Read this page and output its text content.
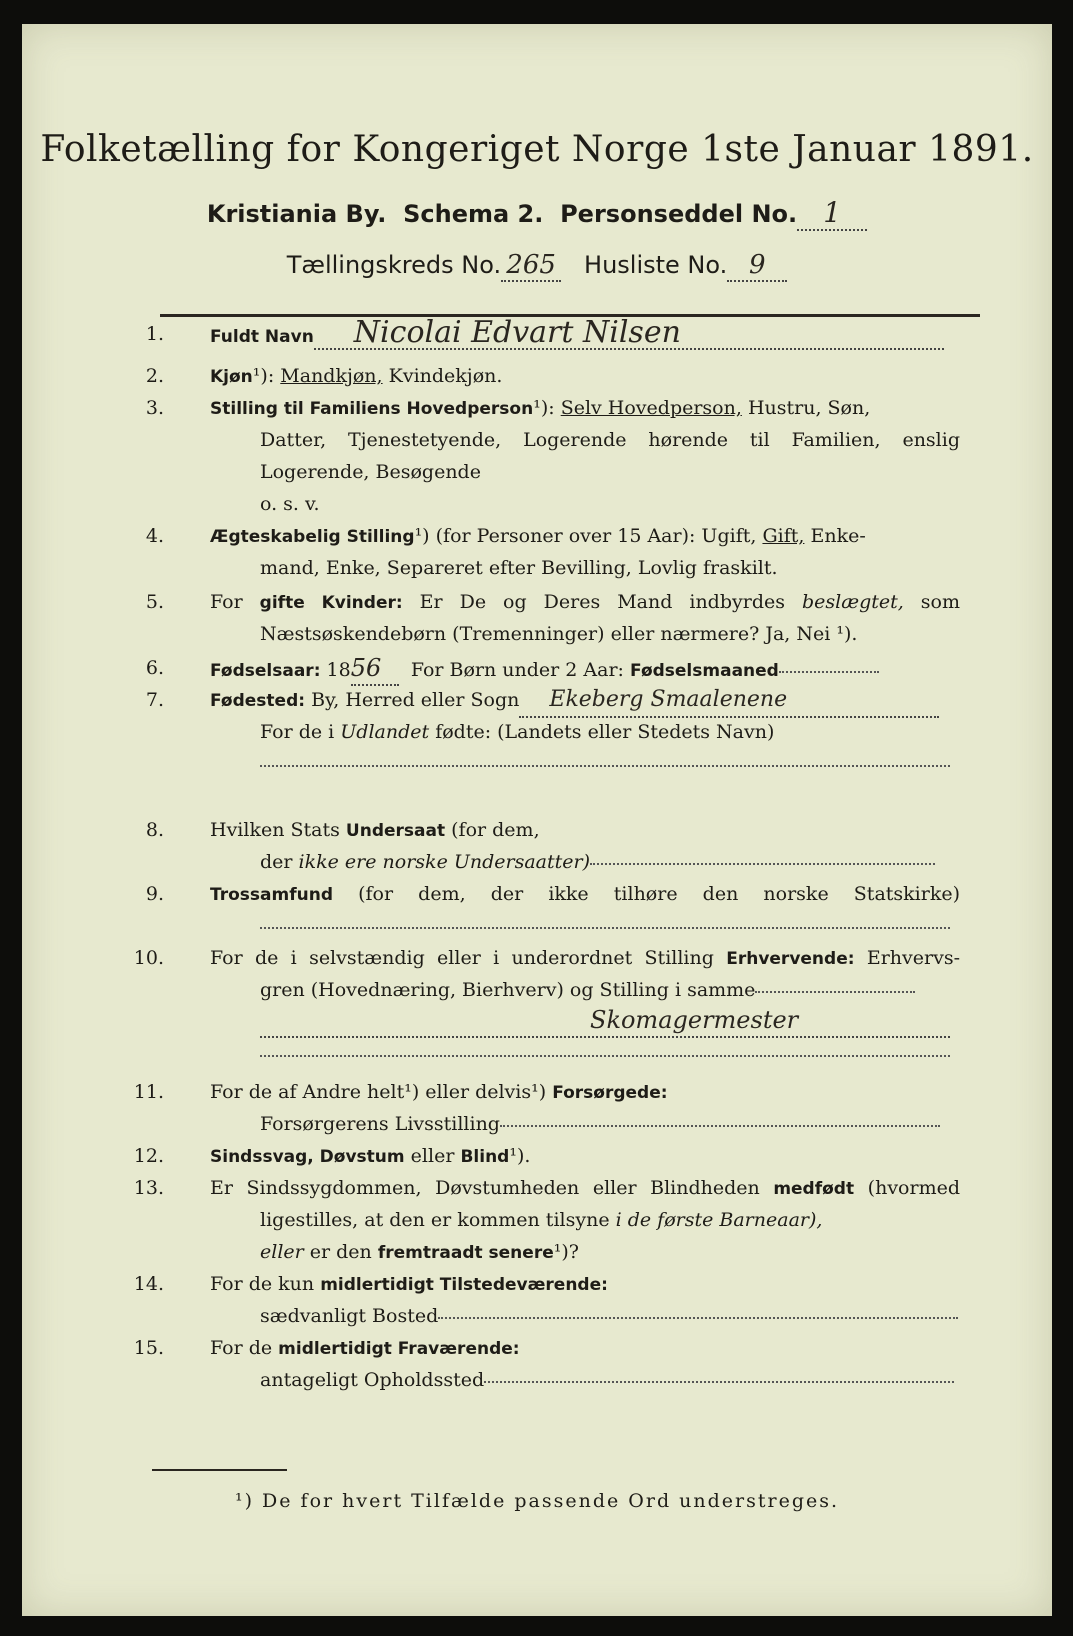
Folketælling for Kongeriget Norge 1ste Januar 1891.
Kristiania By. Schema 2. Personseddel No. 1
Tællingskreds No. 265 Husliste No. 9
1.	Fuldt Navn Nicolai Edvart Nilsen
2.	Kjøn¹): Mandkjøn, Kvindekjøn.
3.	Stilling til Familiens Hovedperson¹): Selv Hovedperson, Hustru, Søn,
Datter, Tjenestetyende, Logerende hørende til Familien, enslig
Logerende, Besøgende
o. s. v.
4.	Ægteskabelig Stilling¹) (for Personer over 15 Aar): Ugift, Gift, Enke-
mand, Enke, Separeret efter Bevilling, Lovlig fraskilt.
5. For gifte Kvinder: Er De og Deres Mand indbyrdes beslægtet, som
Næstsøskendebørn (Tremenninger) eller nærmere? Ja, Nei ¹).
6.	Fødselsaar: 1856 For Børn under 2 Aar: Fødselsmaaned
7.	Fødested: By, Herred eller Sogn Ekeberg Smaalenene
For de i Udlandet fødte: (Landets eller Stedets Navn)
8. Hvilken Stats Undersaat (for dem,
der ikke ere norske Undersaatter)
9.	Trossamfund (for dem, der ikke tilhøre den norske Statskirke)
10. For de i selvstændig eller i underordnet Stilling Erhvervende: Erhvervs-
gren (Hovednæring, Bierhverv) og Stilling i samme
Skomagermester
11. For de af Andre helt¹) eller delvis¹) Forsørgede:
Forsørgerens Livsstilling
12.	Sindssvag, Døvstum eller Blind¹).
13. Er Sindssygdommen, Døvstumheden eller Blindheden medfødt (hvormed
ligestilles, at den er kommen tilsyne i de første Barneaar),
eller er den fremtraadt senere¹)?
14. For de kun midlertidigt Tilstedeværende:
sædvanligt Bosted
15. For de midlertidigt Fraværende:
antageligt Opholdssted
¹) De for hvert Tilfælde passende Ord understreges.
